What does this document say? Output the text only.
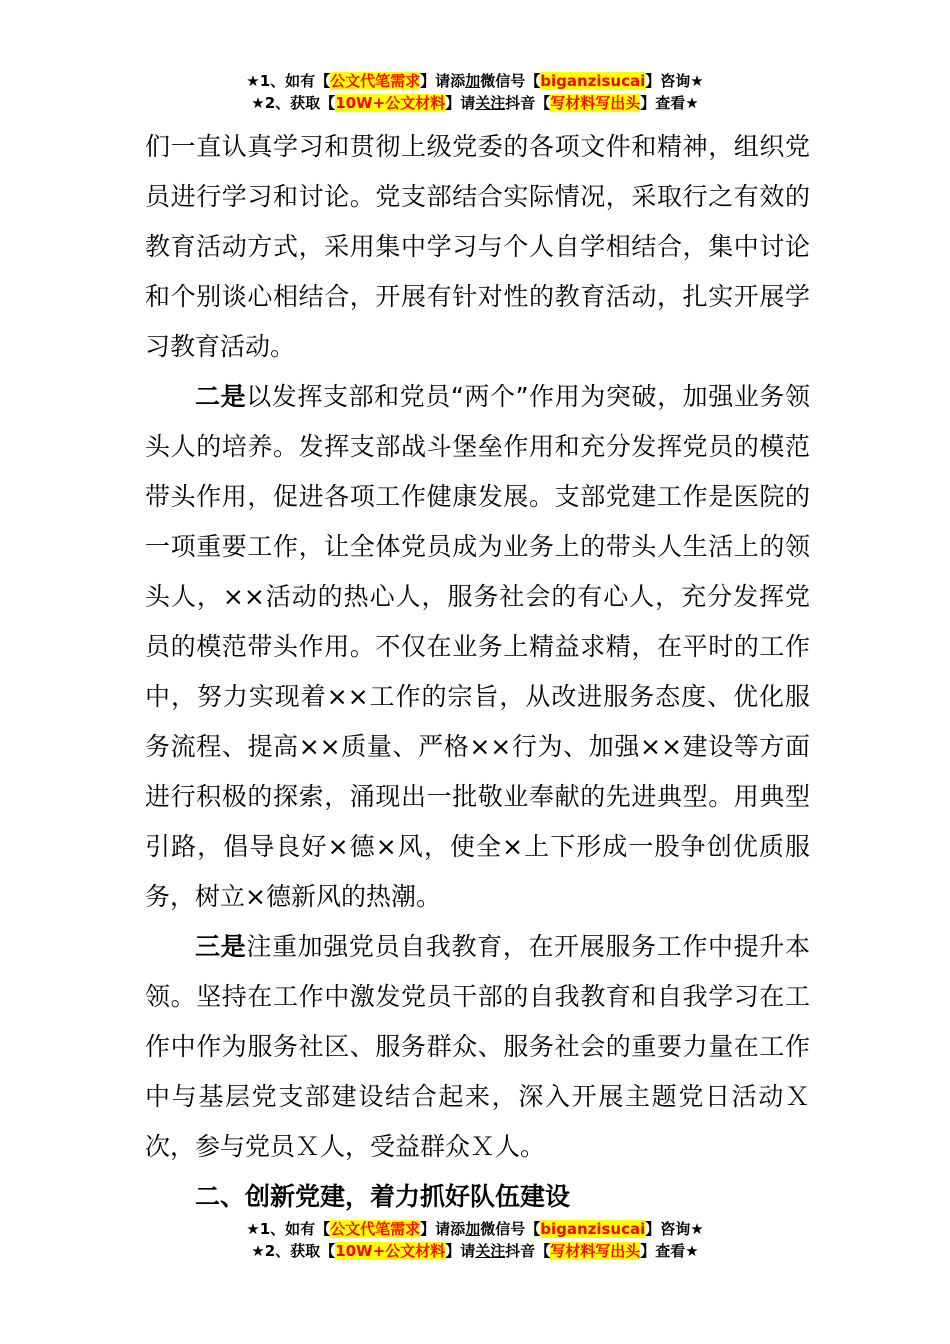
★1、如有【公文代笔需求】请添加微信号【biganzisucai】咨询★
★2、获取【10W+公文材料】请关注抖音【写材料写出头】查看★

们一直认真学习和贯彻上级党委的各项文件和精神，组织党员进行学习和讨论。党支部结合实际情况，采取行之有效的教育活动方式，采用集中学习与个人自学相结合，集中讨论和个别谈心相结合，开展有针对性的教育活动，扎实开展学习教育活动。

二是以发挥支部和党员“两个”作用为突破，加强业务领头人的培养。发挥支部战斗堡垒作用和充分发挥党员的模范带头作用，促进各项工作健康发展。支部党建工作是医院的一项重要工作，让全体党员成为业务上的带头人生活上的领头人，××活动的热心人，服务社会的有心人，充分发挥党员的模范带头作用。不仅在业务上精益求精，在平时的工作中，努力实现着××工作的宗旨，从改进服务态度、优化服务流程、提高××质量、严格××行为、加强××建设等方面进行积极的探索，涌现出一批敬业奉献的先进典型。用典型引路，倡导良好×德×风，使全×上下形成一股争创优质服务，树立×德新风的热潮。

三是注重加强党员自我教育，在开展服务工作中提升本领。坚持在工作中激发党员干部的自我教育和自我学习在工作中作为服务社区、服务群众、服务社会的重要力量在工作中与基层党支部建设结合起来，深入开展主题党日活动Ｘ次，参与党员Ｘ人，受益群众Ｘ人。

二、创新党建，着力抓好队伍建设

★1、如有【公文代笔需求】请添加微信号【biganzisucai】咨询★
★2、获取【10W+公文材料】请关注抖音【写材料写出头】查看★
